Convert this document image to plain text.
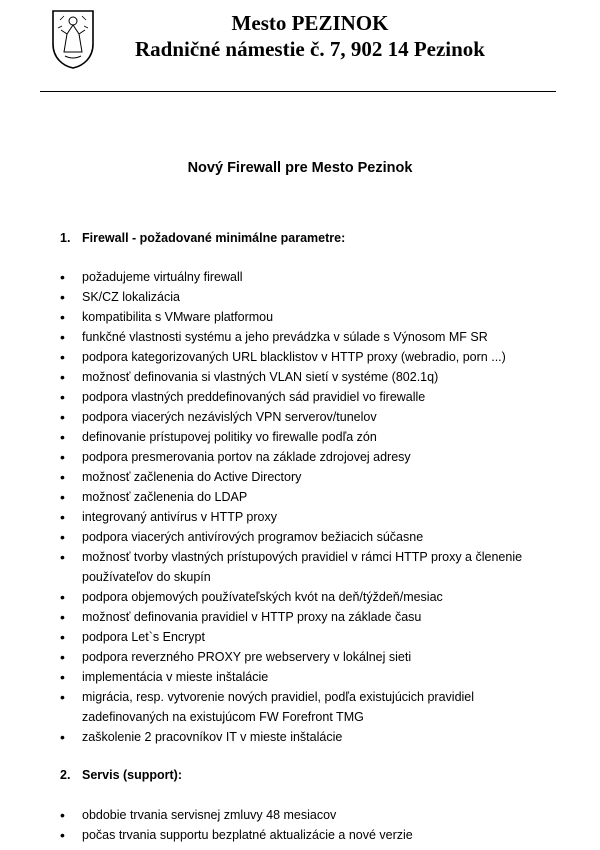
Mesto PEZINOK
Radničné námestie č. 7, 902 14 Pezinok
Nový Firewall pre Mesto Pezinok
1. Firewall - požadované minimálne parametre:
• požadujeme virtuálny firewall
• SK/CZ lokalizácia
• kompatibilita s VMware platformou
• funkčné vlastnosti systému a jeho prevádzka v súlade s Výnosom MF SR
• podpora kategorizovaných URL blacklistov v HTTP proxy (webradio, porn ...)
• možnosť definovania si vlastných VLAN sietí v systéme (802.1q)
• podpora vlastných preddefinovaných sád pravidiel vo firewalle
• podpora viacerých nezávislých VPN serverov/tunelov
• definovanie prístupovej politiky vo firewalle podľa zón
• podpora presmerovania portov na základe zdrojovej adresy
• možnosť začlenenia do Active Directory
• možnosť začlenenia do LDAP
• integrovaný antivírus v HTTP proxy
• podpora viacerých antivírových programov bežiacich súčasne
• možnosť tvorby vlastných prístupových pravidiel v rámci HTTP proxy a členenie používateľov do skupín
• podpora objemových používateľských kvót na deň/týždeň/mesiac
• možnosť definovania pravidiel v HTTP proxy na základe času
• podpora Let`s Encrypt
• podpora reverzného PROXY pre webservery v lokálnej sieti
• implementácia v mieste inštalácie
• migrácia, resp. vytvorenie nových pravidiel, podľa existujúcich pravidiel zadefinovaných na existujúcom FW Forefront TMG
• zaškolenie 2 pracovníkov IT v mieste inštalácie
2. Servis (support):
• obdobie trvania servisnej zmluvy 48 mesiacov
• počas trvania supportu bezplatné aktualizácie a nové verzie
